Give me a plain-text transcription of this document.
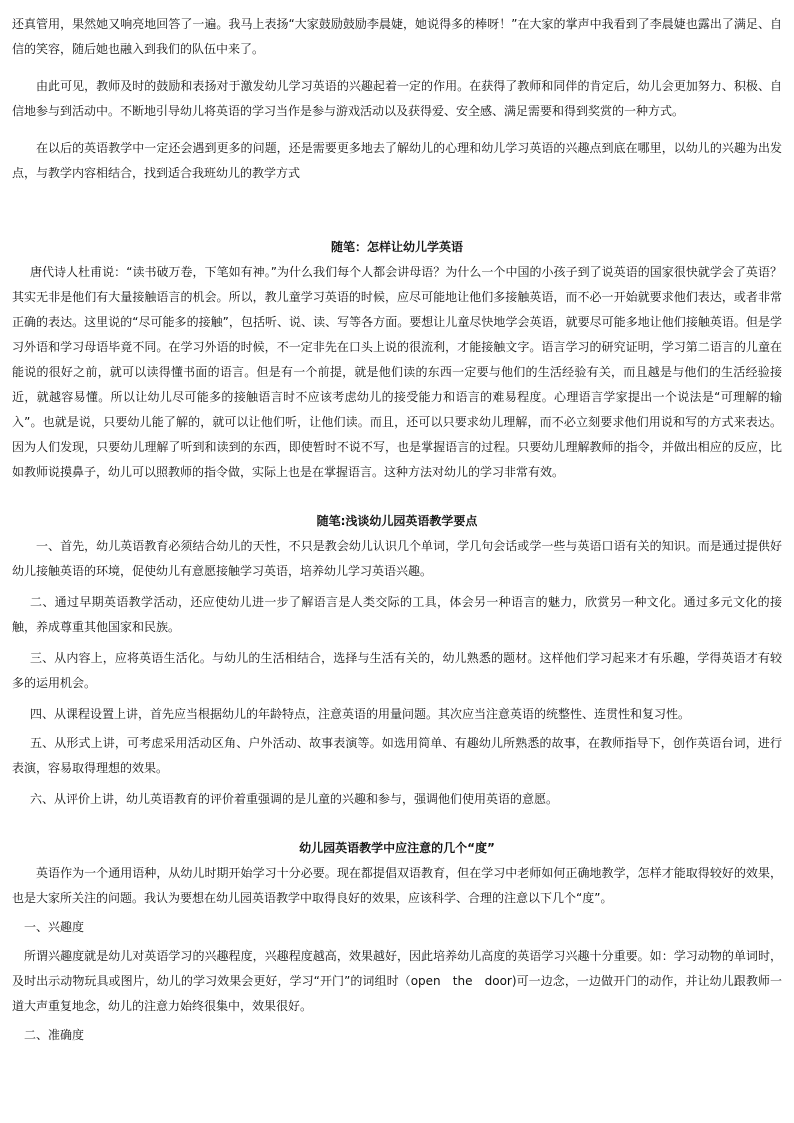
还真管用，果然她又响亮地回答了一遍。我马上表扬“大家鼓励鼓励李晨婕，她说得多的棒呀！”在大家的掌声中我看到了李晨婕也露出了满足、自信的笑容，随后她也融入到我们的队伍中来了。

由此可见，教师及时的鼓励和表扬对于激发幼儿学习英语的兴趣起着一定的作用。在获得了教师和同伴的肯定后，幼儿会更加努力、积极、自信地参与到活动中。不断地引导幼儿将英语的学习当作是参与游戏活动以及获得爱、安全感、满足需要和得到奖赏的一种方式。

在以后的英语教学中一定还会遇到更多的问题，还是需要更多地去了解幼儿的心理和幼儿学习英语的兴趣点到底在哪里，以幼儿的兴趣为出发点，与教学内容相结合，找到适合我班幼儿的教学方式

随笔：怎样让幼儿学英语

唐代诗人杜甫说：“读书破万卷，下笔如有神。”为什么我们每个人都会讲母语？为什么一个中国的小孩子到了说英语的国家很快就学会了英语？其实无非是他们有大量接触语言的机会。所以，教儿童学习英语的时候，应尽可能地让他们多接触英语，而不必一开始就要求他们表达，或者非常正确的表达。这里说的“尽可能多的接触”，包括听、说、读、写等各方面。要想让儿童尽快地学会英语，就要尽可能多地让他们接触英语。但是学习外语和学习母语毕竟不同。在学习外语的时候，不一定非先在口头上说的很流利，才能接触文字。语言学习的研究证明，学习第二语言的儿童在能说的很好之前，就可以读得懂书面的语言。但是有一个前提，就是他们读的东西一定要与他们的生活经验有关，而且越是与他们的生活经验接近，就越容易懂。所以让幼儿尽可能多的接触语言时不应该考虑幼儿的接受能力和语言的难易程度。心理语言学家提出一个说法是“可理解的输入”。也就是说，只要幼儿能了解的，就可以让他们听，让他们读。而且，还可以只要求幼儿理解，而不必立刻要求他们用说和写的方式来表达。因为人们发现，只要幼儿理解了听到和读到的东西，即使暂时不说不写，也是掌握语言的过程。只要幼儿理解教师的指令，并做出相应的反应，比如教师说摸鼻子，幼儿可以照教师的指令做，实际上也是在掌握语言。这种方法对幼儿的学习非常有效。

随笔:浅谈幼儿园英语教学要点

一、首先，幼儿英语教育必须结合幼儿的天性，不只是教会幼儿认识几个单词，学几句会话或学一些与英语口语有关的知识。而是通过提供好幼儿接触英语的环境，促使幼儿有意愿接触学习英语，培养幼儿学习英语兴趣。

二、通过早期英语教学活动，还应使幼儿进一步了解语言是人类交际的工具，体会另一种语言的魅力，欣赏另一种文化。通过多元文化的接触，养成尊重其他国家和民族。

三、从内容上，应将英语生活化。与幼儿的生活相结合，选择与生活有关的，幼儿熟悉的题材。这样他们学习起来才有乐趣，学得英语才有较多的运用机会。

四、从课程设置上讲，首先应当根据幼儿的年龄特点，注意英语的用量问题。其次应当注意英语的统整性、连贯性和复习性。

五、从形式上讲，可考虑采用活动区角、户外活动、故事表演等。如选用简单、有趣幼儿所熟悉的故事，在教师指导下，创作英语台词，进行表演，容易取得理想的效果。

六、从评价上讲，幼儿英语教育的评价着重强调的是儿童的兴趣和参与，强调他们使用英语的意愿。

幼儿园英语教学中应注意的几个“度”

英语作为一个通用语种，从幼儿时期开始学习十分必要。现在都提倡双语教育，但在学习中老师如何正确地教学，怎样才能取得较好的效果，也是大家所关注的问题。我认为要想在幼儿园英语教学中取得良好的效果，应该科学、合理的注意以下几个“度”。

一、兴趣度

所谓兴趣度就是幼儿对英语学习的兴趣程度，兴趣程度越高，效果越好，因此培养幼儿高度的英语学习兴趣十分重要。如：学习动物的单词时，及时出示动物玩具或图片，幼儿的学习效果会更好，学习“开门”的词组时（open　the　door)可一边念，一边做开门的动作，并让幼儿跟教师一道大声重复地念，幼儿的注意力始终很集中，效果很好。

二、准确度
